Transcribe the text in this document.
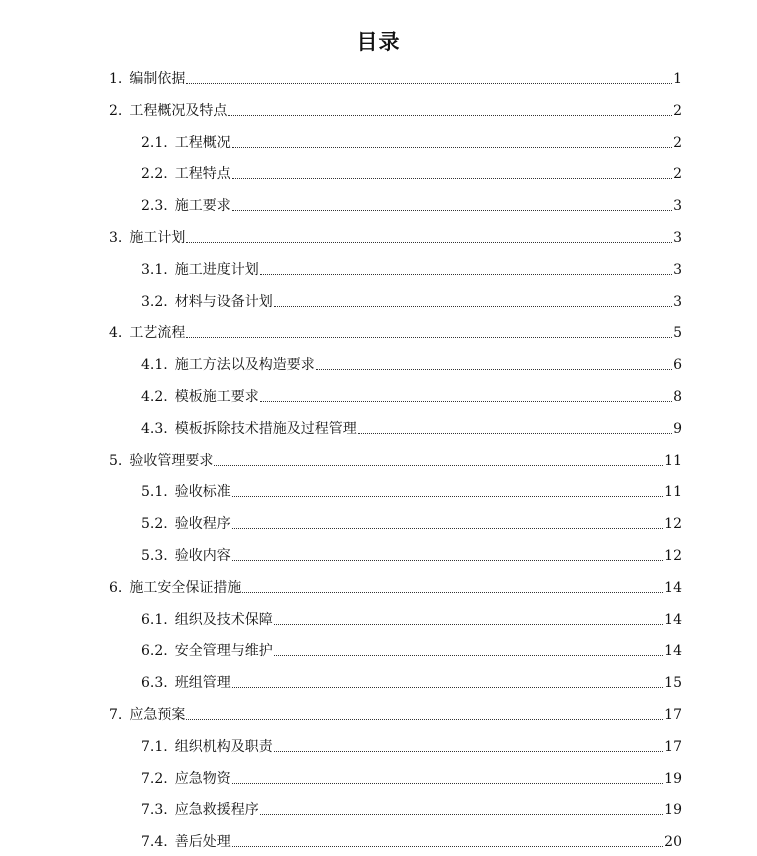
目录
1. 编制依据	1
2. 工程概况及特点	2
2.1. 工程概况	2
2.2. 工程特点	2
2.3. 施工要求	3
3. 施工计划	3
3.1. 施工进度计划	3
3.2. 材料与设备计划	3
4. 工艺流程	5
4.1. 施工方法以及构造要求	6
4.2. 模板施工要求	8
4.3. 模板拆除技术措施及过程管理	9
5. 验收管理要求	11
5.1. 验收标准	11
5.2. 验收程序	12
5.3. 验收内容	12
6. 施工安全保证措施	14
6.1. 组织及技术保障	14
6.2. 安全管理与维护	14
6.3. 班组管理	15
7. 应急预案	17
7.1. 组织机构及职责	17
7.2. 应急物资	19
7.3. 应急救援程序	19
7.4. 善后处理	20
